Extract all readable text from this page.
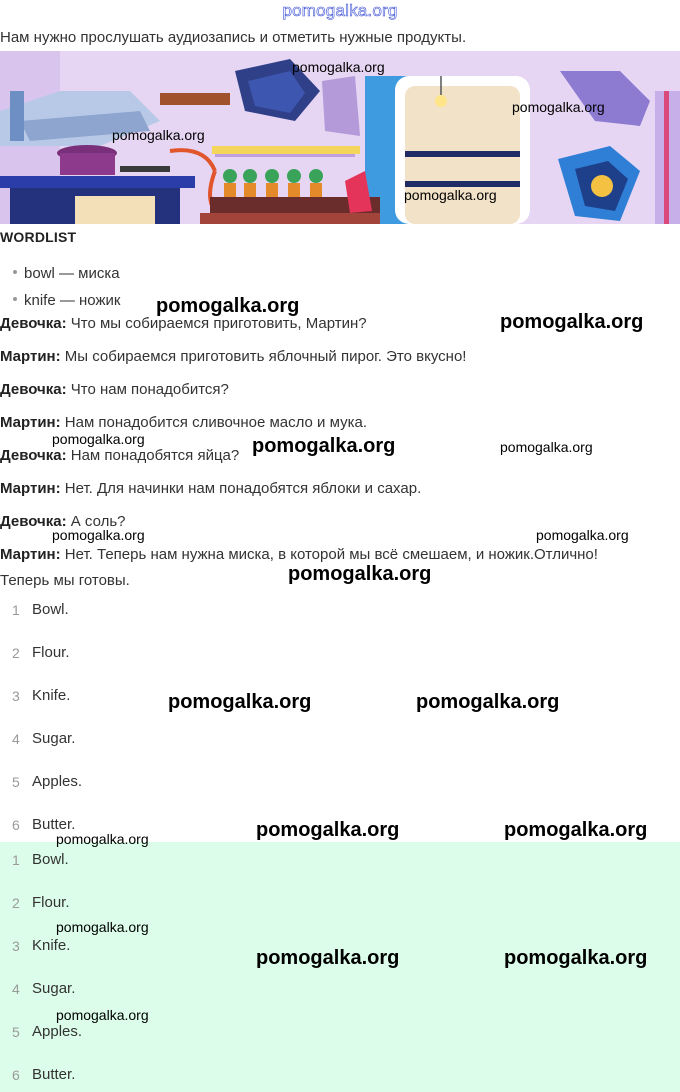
pomogalka.org
Нам нужно прослушать аудиозапись и отметить нужные продукты.
WORDLIST
bowl — миска
knife — ножик
Девочка: Что мы собираемся приготовить, Мартин?
Мартин: Мы собираемся приготовить яблочный пирог. Это вкусно!
Девочка: Что нам понадобится?
Мартин: Нам понадобится сливочное масло и мука.
Девочка: Нам понадобятся яйца?
Мартин: Нет. Для начинки нам понадобятся яблоки и сахар.
Девочка: А соль?
Мартин: Нет. Теперь нам нужна миска, в которой мы всё смешаем, и ножик.Отлично!
Теперь мы готовы.
1 Bowl.
2 Flour.
3 Knife.
4 Sugar.
5 Apples.
6 Butter.
1 Bowl.
2 Flour.
3 Knife.
4 Sugar.
5 Apples.
6 Butter.
pomogalka.org
pomogalka.org
pomogalka.org
pomogalka.org
pomogalka.org
pomogalka.org
pomogalka.org	pomogalka.org	pomogalka.org
pomogalka.org	pomogalka.org
pomogalka.org
pomogalka.org	pomogalka.org
pomogalka.org	pomogalka.org	pomogalka.org
pomogalka.org
pomogalka.org	pomogalka.org
pomogalka.org
